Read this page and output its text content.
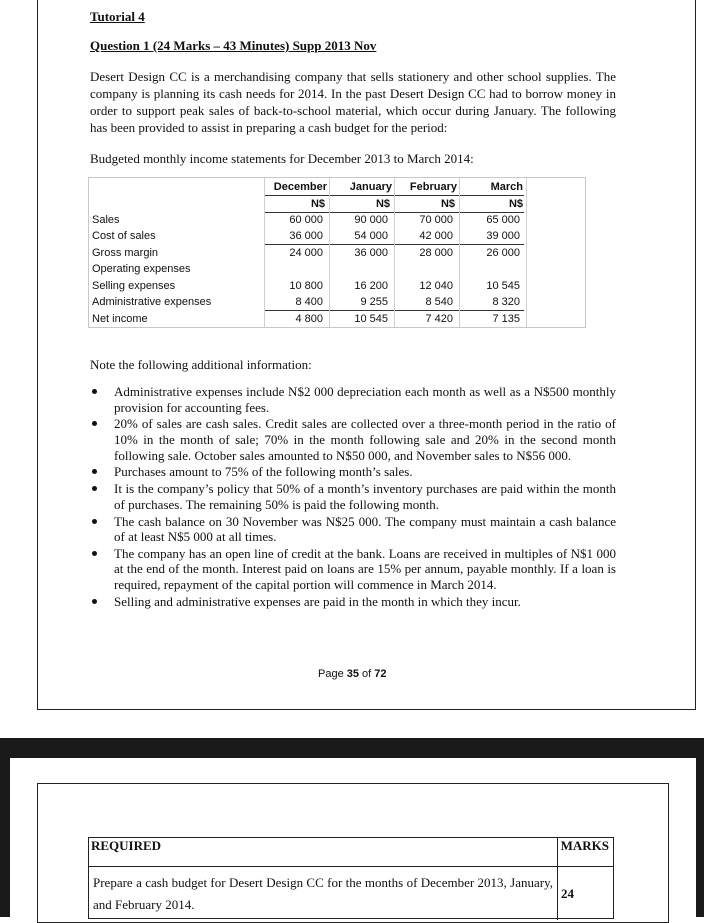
Tutorial 4
Question 1 (24 Marks – 43 Minutes) Supp 2013 Nov
Desert Design CC is a merchandising company that sells stationery and other school supplies. The company is planning its cash needs for 2014. In the past Desert Design CC had to borrow money in order to support peak sales of back-to-school material, which occur during January. The following has been provided to assist in preparing a cash budget for the period:
Budgeted monthly income statements for December 2013 to March 2014:
December	January	February	March
N$	N$	N$	N$
Sales	60 000	90 000	70 000	65 000
Cost of sales	36 000	54 000	42 000	39 000
Gross margin	24 000	36 000	28 000	26 000
Operating expenses
Selling expenses	10 800	16 200	12 040	10 545
Administrative expenses	8 400	9 255	8 540	8 320
Net income	4 800	10 545	7 420	7 135
Note the following additional information:
Administrative expenses include N$2 000 depreciation each month as well as a N$500 monthly provision for accounting fees.
20% of sales are cash sales. Credit sales are collected over a three-month period in the ratio of 10% in the month of sale; 70% in the month following sale and 20% in the second month following sale. October sales amounted to N$50 000, and November sales to N$56 000.
Purchases amount to 75% of the following month’s sales.
It is the company’s policy that 50% of a month’s inventory purchases are paid within the month of purchases. The remaining 50% is paid the following month.
The cash balance on 30 November was N$25 000. The company must maintain a cash balance of at least N$5 000 at all times.
The company has an open line of credit at the bank. Loans are received in multiples of N$1 000 at the end of the month. Interest paid on loans are 15% per annum, payable monthly. If a loan is required, repayment of the capital portion will commence in March 2014.
Selling and administrative expenses are paid in the month in which they incur.
Page 35 of 72
REQUIRED	MARKS
Prepare a cash budget for Desert Design CC for the months of December 2013, January, and February 2014.
24
